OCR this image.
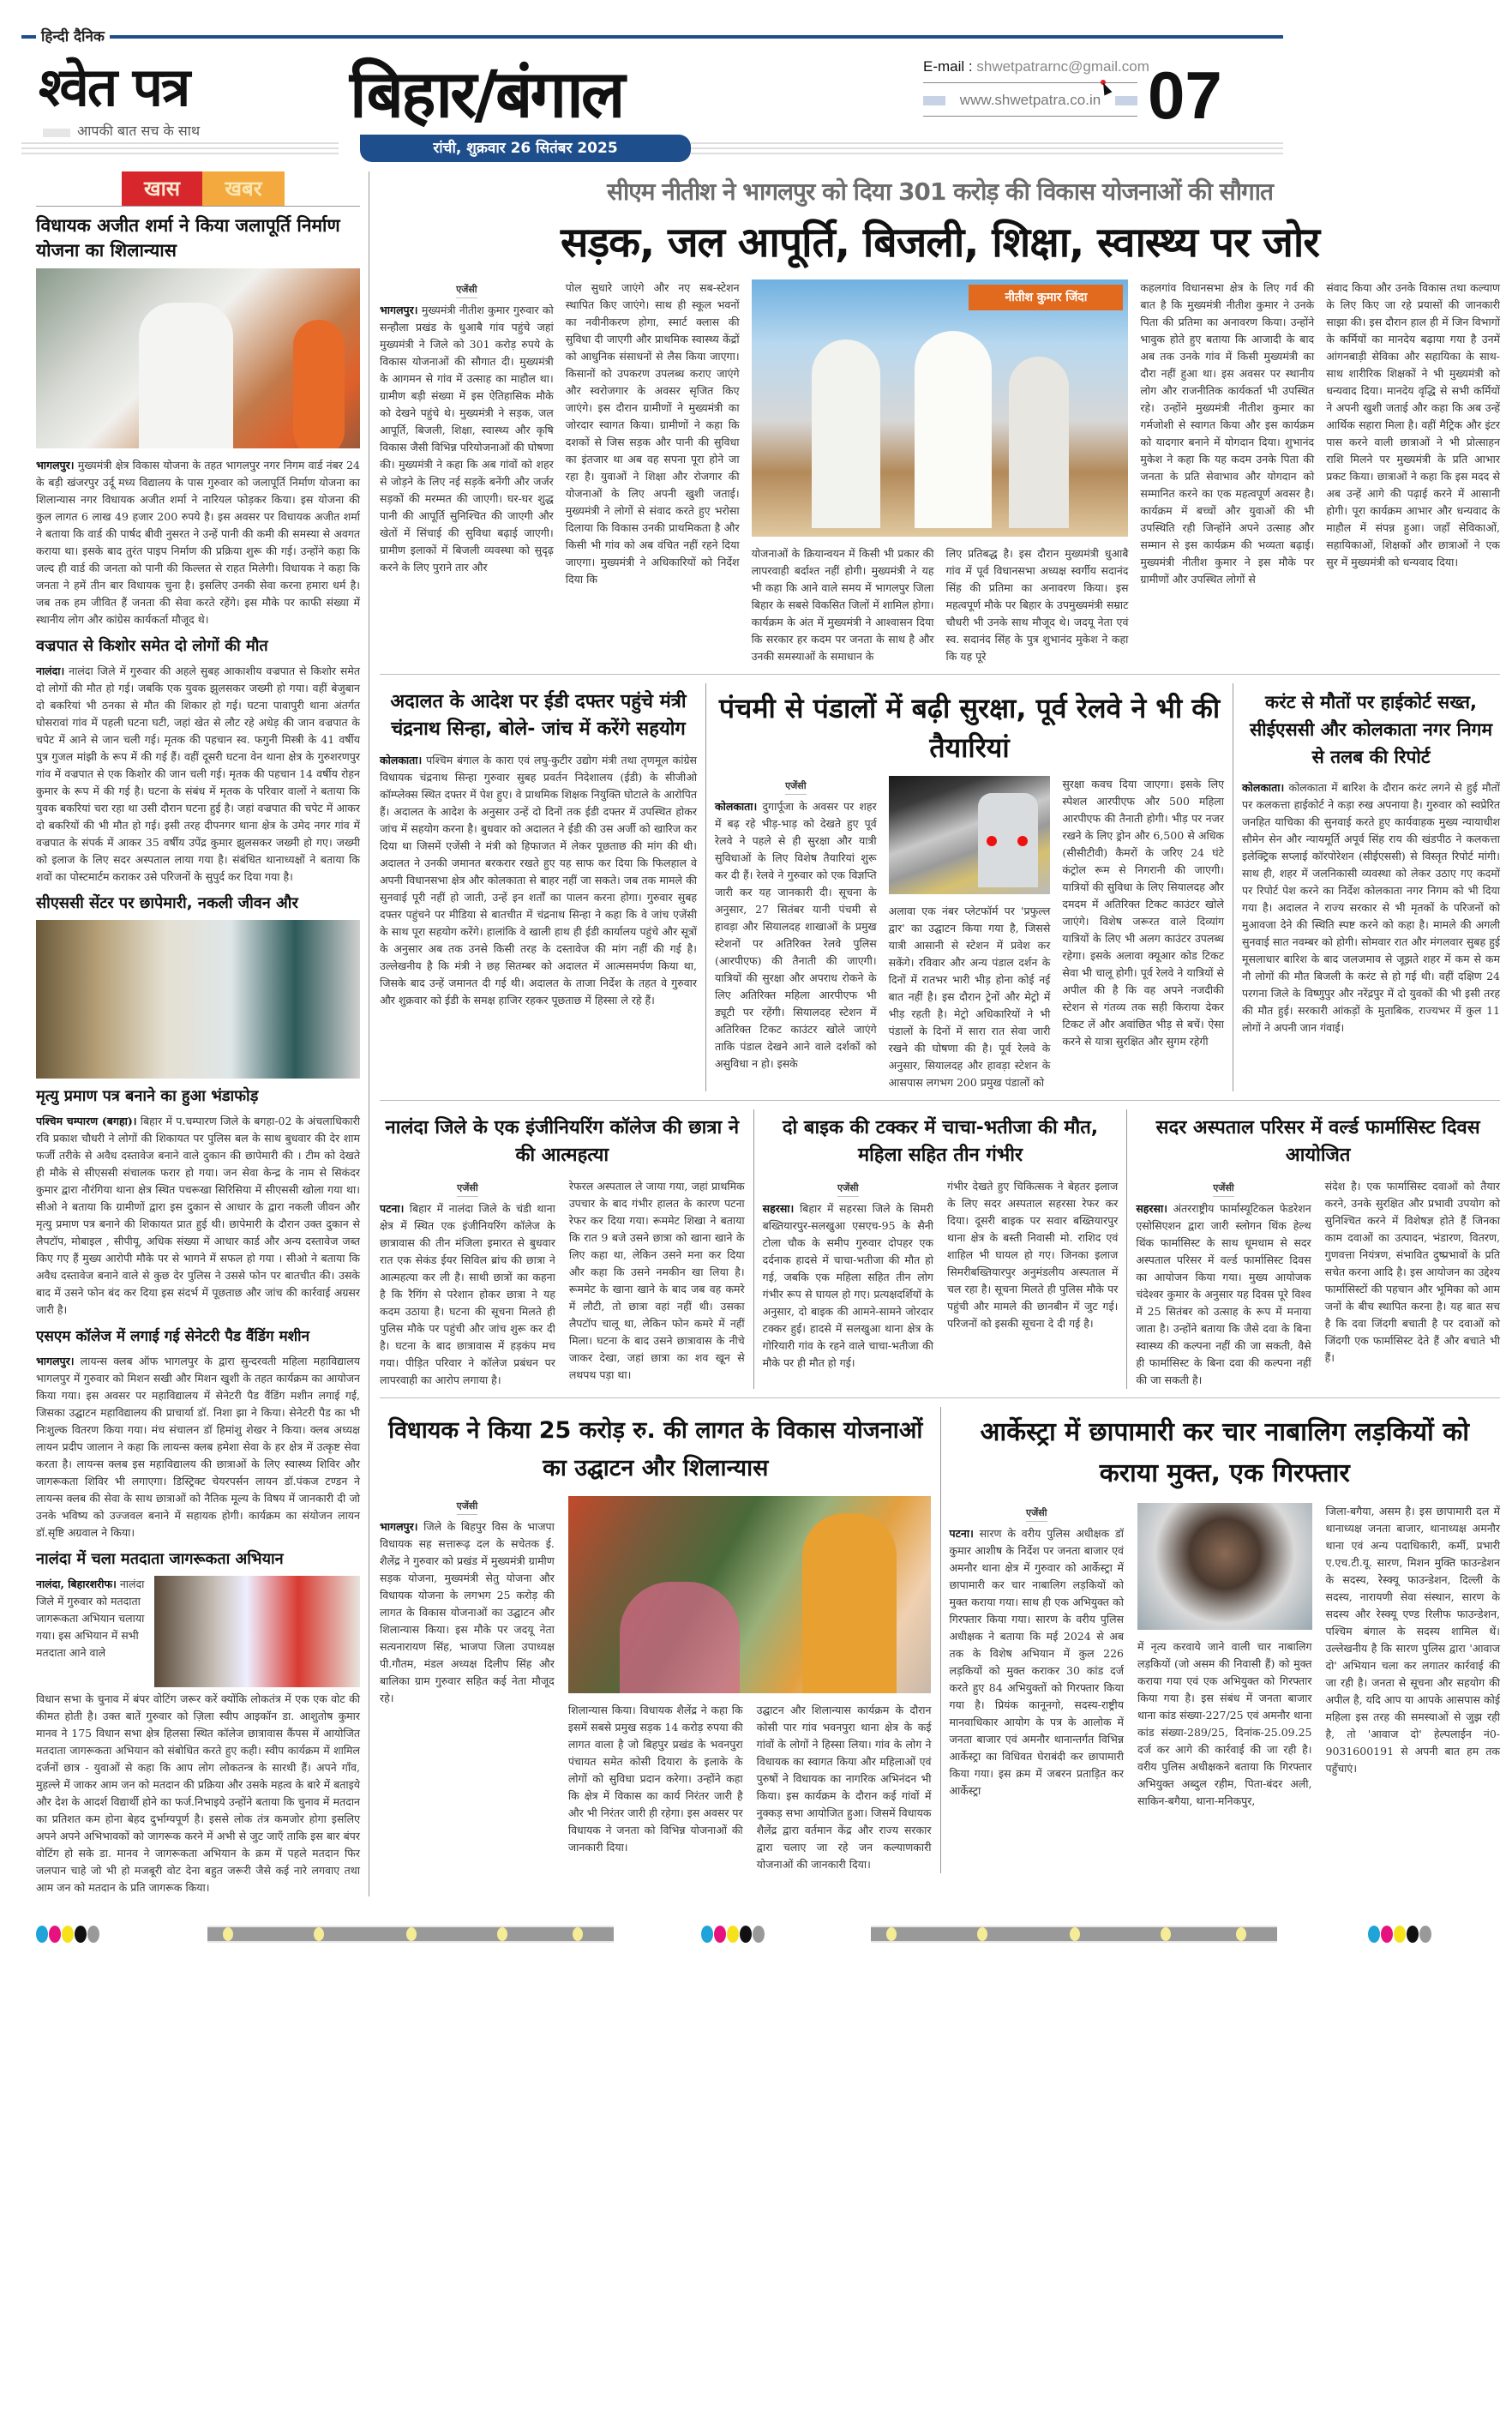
हिन्दी दैनिक
श्वेत पत्र
आपकी बात सच के साथ बिहार/बंगाल
रांची, शुक्रवार 26 सितंबर 2025
E-mail : shwetpatrarnc@gmail.com
www.shwetpatra.co.in 07
खास	खबर
विधायक अजीत शर्मा ने किया जलापूर्ति निर्माण योजना का शिलान्यास
भागलपुर। मुख्यमंत्री क्षेत्र विकास योजना के तहत भागलपुर नगर निगम वार्ड नंबर 24 के बड़ी खंजरपुर उर्दू मध्य विद्यालय के पास गुरुवार को जलापूर्ति निर्माण योजना का शिलान्यास नगर विधायक अजीत शर्मा ने नारियल फोड़कर किया। इस योजना की कुल लागत 6 लाख 49 हजार 200 रुपये है। इस अवसर पर विधायक अजीत शर्मा ने बताया कि वार्ड की पार्षद बीवी नुसरत ने उन्हें पानी की कमी की समस्या से अवगत कराया था। इसके बाद तुरंत पाइप निर्माण की प्रक्रिया शुरू की गई। उन्होंने कहा कि जल्द ही वार्ड की जनता को पानी की किल्लत से राहत मिलेगी। विधायक ने कहा कि जनता ने हमें तीन बार विधायक चुना है। इसलिए उनकी सेवा करना हमारा धर्म है। जब तक हम जीवित हैं जनता की सेवा करते रहेंगे। इस मौके पर काफी संख्या में स्थानीय लोग और कांग्रेस कार्यकर्ता मौजूद थे।
वज्रपात से किशोर समेत दो लोगों की मौत
नालंदा। नालंदा जिले में गुरुवार की अहले सुबह आकाशीय वज्रपात से किशोर समेत दो लोगों की मौत हो गई। जबकि एक युवक झुलसकर जख्मी हो गया। वहीं बेजुबान दो बकरियां भी ठनका से मौत की शिकार हो गई। घटना पावापुरी थाना अंतर्गत घोसरावां गांव में पहली घटना घटी, जहां खेत से लौट रहे अधेड़ की जान वज्रपात के चपेट में आने से जान चली गई। मृतक की पहचान स्व. फगुनी मिस्त्री के 41 वर्षीय पुत्र गुजल मांझी के रूप में की गई हैं। वहीं दूसरी घटना वेन थाना क्षेत्र के गुरुशरणपुर गांव में वज्रपात से एक किशोर की जान चली गई। मृतक की पहचान 14 वर्षीय रोहन कुमार के रूप में की गई है। घटना के संबंध में मृतक के परिवार वालों ने बताया कि युवक बकरियां चरा रहा था उसी दौरान घटना हुई है। जहां वज्रपात की चपेट में आकर दो बकरियों की भी मौत हो गई। इसी तरह दीपनगर थाना क्षेत्र के उमेद नगर गांव में वज्रपात के संपर्क में आकर 35 वर्षीय उपेंद्र कुमार झुलसकर जख्मी हो गए। जख्मी को इलाज के लिए सदर अस्पताल लाया गया है। संबंधित थानाध्यक्षों ने बताया कि शवों का पोस्टमार्टम कराकर उसे परिजनों के सुपुर्द कर दिया गया है।
सीएससी सेंटर पर छापेमारी, नकली जीवन और
मृत्यु प्रमाण पत्र बनाने का हुआ भंडाफोड़
पश्चिम चम्पारण (बगहा)। बिहार में प.चम्पारण जिले के बगहा-02 के अंचलाधिकारी रवि प्रकाश चौधरी ने लोगों की शिकायत पर पुलिस बल के साथ बुधवार की देर शाम फर्जी तरीके से अवैध दस्तावेज बनाने वाले दुकान की छापेमारी की । टीम को देखते ही मौके से सीएससी संचालक फरार हो गया। जन सेवा केन्द्र के नाम से सिकंदर कुमार द्वारा नौरंगिया थाना क्षेत्र स्थित पचरूखा सिरिसिया में सीएससी खोला गया था। सीओ ने बताया कि ग्रामीणों द्वारा इस दुकान से आधार के द्वारा नकली जीवन और मृत्यु प्रमाण पत्र बनाने की शिकायत प्रात हुई थी। छापेमारी के दौरान उक्त दुकान से लैपटॉप, मोबाइल , सीपीयू, अधिक संख्या में आधार कार्ड और अन्य दस्तावेज जब्त किए गए हैं मुख्य आरोपी मौके पर से भागने में सफल हो गया । सीओ ने बताया कि अवैध दस्तावेज बनाने वाले से कुछ देर पुलिस ने उससे फोन पर बातचीत की। उसके बाद में उसने फोन बंद कर दिया इस संदर्भ में पूछताछ और जांच की कार्रवाई अग्रसर जारी है।
एसएम कॉलेज में लगाई गई सेनेटरी पैड वैंडिंग मशीन
भागलपुर। लायन्स क्लब ऑफ भागलपुर के द्वारा सुन्दरवती महिला महाविद्यालय भागलपुर में गुरुवार को मिशन सखी और मिशन खुशी के तहत कार्यक्रम का आयोजन किया गया। इस अवसर पर महाविद्यालय में सेनेटरी पैड वैंडिंग मशीन लगाई गई, जिसका उद्घाटन महाविद्यालय की प्राचार्या डॉ. निशा झा ने किया। सेनेटरी पैड का भी निःशुल्क वितरण किया गया। मंच संचालन डॉ हिमांशु शेखर ने किया। क्लब अध्यक्ष लायन प्रदीप जालान ने कहा कि लायन्स क्लब हमेशा सेवा के हर क्षेत्र में उत्कृष्ट सेवा करता है। लायन्स क्लब इस महाविद्यालय की छात्राओं के लिए स्वास्थ्य शिविर और जागरूकता शिविर भी लगाएगा। डिस्ट्रिक्ट चेयरपर्सन लायन डॉ.पंकज टण्डन ने लायन्स क्लब की सेवा के साथ छात्राओं को नैतिक मूल्य के विषय में जानकारी दी जो उनके भविष्य को उज्जवल बनाने में सहायक होगी। कार्यक्रम का संयोजन लायन डॉ.सृष्टि अग्रवाल ने किया।
नालंदा में चला मतदाता जागरूकता अभियान
नालंदा, बिहारशरीफ। नालंदा जिले में गुरुवार को मतदाता जागरूकता अभियान चलाया गया। इस अभियान में सभी मतदाता आने वाले
विधान सभा के चुनाव में बंपर वोटिंग जरूर करें क्योंकि लोकतंत्र में एक एक वोट की कीमत होती है। उक्त बातें गुरुवार को ज़िला स्वीप आइकॉन डा. आशुतोष कुमार मानव ने 175 विधान सभा क्षेत्र हिलसा स्थित कॉलेज छात्रावास कैंपस में आयोजित मतदाता जागरूकता अभियान को संबोधित करते हुए कही। स्वीप कार्यक्रम में शामिल दर्जनों छात्र - युवाओं से कहा कि आप लोग लोकतन्त्र के सारथी हैं। अपने गाँव, मुहल्ले में जाकर आम जन को मतदान की प्रक्रिया और उसके महत्व के बारे में बताइये और देश के आदर्श विद्यार्थी होने का फर्ज.निभाइये उन्होंने बताया कि चुनाव में मतदान का प्रतिशत कम होना बेहद दुर्भाग्यपूर्ण है। इससे लोक तंत्र कमजोर होगा इसलिए अपने अपने अभिभावकों को जागरूक करने में अभी से जुट जाएँ ताकि इस बार बंपर वोटिंग हो सके डा. मानव ने जागरूकता अभियान के क्रम में पहले मतदान फिर जलपान चाहे जो भी हो मजबूरी वोट देना बहुत जरूरी जैसे कई नारे लगवाए तथा आम जन को मतदान के प्रति जागरूक किया।
सीएम नीतीश ने भागलपुर को दिया 301 करोड़ की विकास योजनाओं की सौगात
सड़क, जल आपूर्ति, बिजली, शिक्षा, स्वास्थ्य पर जोर
एजेंसी
भागलपुर। मुख्यमंत्री नीतीश कुमार गुरुवार को सन्हौला प्रखंड के धुआबै गांव पहुंचे जहां मुख्यमंत्री ने जिले को 301 करोड़ रुपये के विकास योजनाओं की सौगात दी। मुख्यमंत्री के आगमन से गांव में उत्साह का माहौल था। ग्रामीण बड़ी संख्या में इस ऐतिहासिक मौके को देखने पहुंचे थे। मुख्यमंत्री ने सड़क, जल आपूर्ति, बिजली, शिक्षा, स्वास्थ्य और कृषि विकास जैसी विभिन्न परियोजनाओं की घोषणा की। मुख्यमंत्री ने कहा कि अब गांवों को शहर से जोड़ने के लिए नई सड़कें बनेंगी और जर्जर सड़कों की मरम्मत की जाएगी। घर-घर शुद्ध पानी की आपूर्ति सुनिश्चित की जाएगी और खेतों में सिंचाई की सुविधा बढ़ाई जाएगी। ग्रामीण इलाकों में बिजली व्यवस्था को सुदृढ़ करने के लिए पुराने तार और
पोल सुधारे जाएंगे और नए सब-स्टेशन स्थापित किए जाएंगे। साथ ही स्कूल भवनों का नवीनीकरण होगा, स्मार्ट क्लास की सुविधा दी जाएगी और प्राथमिक स्वास्थ्य केंद्रों को आधुनिक संसाधनों से लैस किया जाएगा। किसानों को उपकरण उपलब्ध कराए जाएंगे और स्वरोजगार के अवसर सृजित किए जाएंगे। इस दौरान ग्रामीणों ने मुख्यमंत्री का जोरदार स्वागत किया। ग्रामीणों ने कहा कि दशकों से जिस सड़क और पानी की सुविधा का इंतजार था अब वह सपना पूरा होने जा रहा है। युवाओं ने शिक्षा और रोजगार की योजनाओं के लिए अपनी खुशी जताई। मुख्यमंत्री ने लोगों से संवाद करते हुए भरोसा दिलाया कि विकास उनकी प्राथमिकता है और किसी भी गांव को अब वंचित नहीं रहने दिया जाएगा। मुख्यमंत्री ने अधिकारियों को निर्देश दिया कि
नीतीश कुमार जिंदा
योजनाओं के क्रियान्वयन में किसी भी प्रकार की लापरवाही बर्दाश्त नहीं होगी। मुख्यमंत्री ने यह भी कहा कि आने वाले समय में भागलपुर जिला बिहार के सबसे विकसित जिलों में शामिल होगा। कार्यक्रम के अंत में मुख्यमंत्री ने आश्वासन दिया कि सरकार हर कदम पर जनता के साथ है और उनकी समस्याओं के समाधान के
लिए प्रतिबद्ध है। इस दौरान मुख्यमंत्री धुआबै गांव में पूर्व विधानसभा अध्यक्ष स्वर्गीय सदानंद सिंह की प्रतिमा का अनावरण किया। इस महत्वपूर्ण मौके पर बिहार के उपमुख्यमंत्री सम्राट चौधरी भी उनके साथ मौजूद थे। जदयू नेता एवं स्व. सदानंद सिंह के पुत्र शुभानंद मुकेश ने कहा कि यह पूरे
कहलगांव विधानसभा क्षेत्र के लिए गर्व की बात है कि मुख्यमंत्री नीतीश कुमार ने उनके पिता की प्रतिमा का अनावरण किया। उन्होंने भावुक होते हुए बताया कि आजादी के बाद अब तक उनके गांव में किसी मुख्यमंत्री का दौरा नहीं हुआ था। इस अवसर पर स्थानीय लोग और राजनीतिक कार्यकर्ता भी उपस्थित रहे। उन्होंने मुख्यमंत्री नीतीश कुमार का गर्मजोशी से स्वागत किया और इस कार्यक्रम को यादगार बनाने में योगदान दिया। शुभानंद मुकेश ने कहा कि यह कदम उनके पिता की जनता के प्रति सेवाभाव और योगदान को सम्मानित करने का एक महत्वपूर्ण अवसर है। कार्यक्रम में बच्चों और युवाओं की भी उपस्थिति रही जिन्होंने अपने उत्साह और सम्मान से इस कार्यक्रम की भव्यता बढ़ाई। मुख्यमंत्री नीतीश कुमार ने इस मौके पर ग्रामीणों और उपस्थित लोगों से
संवाद किया और उनके विकास तथा कल्याण के लिए किए जा रहे प्रयासों की जानकारी साझा की। इस दौरान हाल ही में जिन विभागों के कर्मियों का मानदेय बढ़ाया गया है उनमें आंगनबाड़ी सेविका और सहायिका के साथ-साथ शारीरिक शिक्षकों ने भी मुख्यमंत्री को धन्यवाद दिया। मानदेय वृद्धि से सभी कर्मियों ने अपनी खुशी जताई और कहा कि अब उन्हें आर्थिक सहारा मिला है। वहीं मैट्रिक और इंटर पास करने वाली छात्राओं ने भी प्रोत्साहन राशि मिलने पर मुख्यमंत्री के प्रति आभार प्रकट किया। छात्राओं ने कहा कि इस मदद से अब उन्हें आगे की पढ़ाई करने में आसानी होगी। पूरा कार्यक्रम आभार और धन्यवाद के माहौल में संपन्न हुआ। जहाँ सेविकाओं, सहायिकाओं, शिक्षकों और छात्राओं ने एक सुर में मुख्यमंत्री को धन्यवाद दिया।
अदालत के आदेश पर ईडी दफ्तर पहुंचे मंत्री चंद्रनाथ सिन्हा, बोले- जांच में करेंगे सहयोग
कोलकाता। पश्चिम बंगाल के कारा एवं लघु-कुटीर उद्योग मंत्री तथा तृणमूल कांग्रेस विधायक चंद्रनाथ सिन्हा गुरुवार सुबह प्रवर्तन निदेशालय (ईडी) के सीजीओ कॉम्प्लेक्स स्थित दफ्तर में पेश हुए। वे प्राथमिक शिक्षक नियुक्ति घोटाले के आरोपित हैं। अदालत के आदेश के अनुसार उन्हें दो दिनों तक ईडी दफ्तर में उपस्थित होकर जांच में सहयोग करना है। बुधवार को अदालत ने ईडी की उस अर्जी को खारिज कर दिया था जिसमें एजेंसी ने मंत्री को हिफाजत में लेकर पूछताछ की मांग की थी। अदालत ने उनकी जमानत बरकरार रखते हुए यह साफ कर दिया कि फिलहाल वे अपनी विधानसभा क्षेत्र और कोलकाता से बाहर नहीं जा सकते। जब तक मामले की सुनवाई पूरी नहीं हो जाती, उन्हें इन शर्तों का पालन करना होगा। गुरुवार सुबह दफ्तर पहुंचने पर मीडिया से बातचीत में चंद्रनाथ सिन्हा ने कहा कि वे जांच एजेंसी के साथ पूरा सहयोग करेंगे। हालांकि वे खाली हाथ ही ईडी कार्यालय पहुंचे और सूत्रों के अनुसार अब तक उनसे किसी तरह के दस्तावेज की मांग नहीं की गई है। उल्लेखनीय है कि मंत्री ने छह सितम्बर को अदालत में आत्मसमर्पण किया था, जिसके बाद उन्हें जमानत दी गई थी। अदालत के ताजा निर्देश के तहत वे गुरुवार और शुक्रवार को ईडी के समक्ष हाजिर रहकर पूछताछ में हिस्सा ले रहे हैं।
पंचमी से पंडालों में बढ़ी सुरक्षा, पूर्व रेलवे ने भी की तैयारियां
एजेंसी
कोलकाता। दुगार्पूजा के अवसर पर शहर में बढ़ रहे भीड़-भाड़ को देखते हुए पूर्व रेलवे ने पहले से ही सुरक्षा और यात्री सुविधाओं के लिए विशेष तैयारियां शुरू कर दी हैं। रेलवे ने गुरुवार को एक विज्ञप्ति जारी कर यह जानकारी दी। सूचना के अनुसार, 27 सितंबर यानी पंचमी से हावड़ा और सियालदह शाखाओं के प्रमुख स्टेशनों पर अतिरिक्त रेलवे पुलिस (आरपीएफ) की तैनाती की जाएगी। यात्रियों की सुरक्षा और अपराध रोकने के लिए अतिरिक्त महिला आरपीएफ भी ड्यूटी पर रहेंगी। सियालदह स्टेशन में अतिरिक्त टिकट काउंटर खोले जाएंगे ताकि पंडाल देखने आने वाले दर्शकों को असुविधा न हो। इसके
अलावा एक नंबर प्लेटफॉर्म पर 'प्रफुल्ल द्वार' का उद्घाटन किया गया है, जिससे यात्री आसानी से स्टेशन में प्रवेश कर सकेंगे। रविवार और अन्य पंडाल दर्शन के दिनों में रातभर भारी भीड़ होना कोई नई बात नहीं है। इस दौरान ट्रेनों और मेट्रो में भीड़ रहती है। मेट्रो अधिकारियों ने भी पंडालों के दिनों में सारा रात सेवा जारी रखने की घोषणा की है। पूर्व रेलवे के अनुसार, सियालदह और हावड़ा स्टेशन के आसपास लगभग 200 प्रमुख पंडालों को
सुरक्षा कवच दिया जाएगा। इसके लिए स्पेशल आरपीएफ और 500 महिला आरपीएफ की तैनाती होगी। भीड़ पर नजर रखने के लिए ड्रोन और 6,500 से अधिक (सीसीटीवी) कैमरों के जरिए 24 घंटे कंट्रोल रूम से निगरानी की जाएगी। यात्रियों की सुविधा के लिए सियालदह और दमदम में अतिरिक्त टिकट काउंटर खोले जाएंगे। विशेष जरूरत वाले दिव्यांग यात्रियों के लिए भी अलग काउंटर उपलब्ध रहेगा। इसके अलावा क्यूआर कोड टिकट सेवा भी चालू होगी। पूर्व रेलवे ने यात्रियों से अपील की है कि वह अपने नजदीकी स्टेशन से गंतव्य तक सही किराया देकर टिकट लें और अवांछित भीड़ से बचें। ऐसा करने से यात्रा सुरक्षित और सुगम रहेगी
करंट से मौतों पर हाईकोर्ट सख्त, सीईएससी और कोलकाता नगर निगम से तलब की रिपोर्ट
कोलकाता। कोलकाता में बारिश के दौरान करंट लगने से हुई मौतों पर कलकत्ता हाईकोर्ट ने कड़ा रुख अपनाया है। गुरुवार को स्वप्रेरित जनहित याचिका की सुनवाई करते हुए कार्यवाहक मुख्य न्यायाधीश सौमेन सेन और न्यायमूर्ति अपूर्व सिंह राय की खंडपीठ ने कलकत्ता इलेक्ट्रिक सप्लाई कॉरपोरेशन (सीईएससी) से विस्तृत रिपोर्ट मांगी। साथ ही, शहर में जलनिकासी व्यवस्था को लेकर उठाए गए कदमों पर रिपोर्ट पेश करने का निर्देश कोलकाता नगर निगम को भी दिया गया है। अदालत ने राज्य सरकार से भी मृतकों के परिजनों को मुआवजा देने की स्थिति स्पष्ट करने को कहा है। मामले की अगली सुनवाई सात नवम्बर को होगी। सोमवार रात और मंगलवार सुबह हुई मूसलाधार बारिश के बाद जलजमाव से जूझते शहर में कम से कम नौ लोगों की मौत बिजली के करंट से हो गई थी। वहीं दक्षिण 24 परगना जिले के विष्णुपुर और नरेंद्रपुर में दो युवकों की भी इसी तरह की मौत हुई। सरकारी आंकड़ों के मुताबिक, राज्यभर में कुल 11 लोगों ने अपनी जान गंवाई।
नालंदा जिले के एक इंजीनियरिंग कॉलेज की छात्रा ने की आत्महत्या
एजेंसी
पटना। बिहार में नालंदा जिले के चंडी थाना क्षेत्र में स्थित एक इंजीनियरिंग कॉलेज के छात्रावास की तीन मंजिला इमारत से बुधवार रात एक सेकंड ईयर सिविल ब्रांच की छात्रा ने आत्महत्या कर ली है। साथी छात्रों का कहना है कि रैगिंग से परेशान होकर छात्रा ने यह कदम उठाया है। घटना की सूचना मिलते ही पुलिस मौके पर पहुंची और जांच शुरू कर दी है। घटना के बाद छात्रावास में हड़कंप मच गया। पीड़ित परिवार ने कॉलेज प्रबंधन पर लापरवाही का आरोप लगाया है।
रेफरल अस्पताल ले जाया गया, जहां प्राथमिक उपचार के बाद गंभीर हालत के कारण पटना रेफर कर दिया गया। रूममेट शिखा ने बताया कि रात 9 बजे उसने छात्रा को खाना खाने के लिए कहा था, लेकिन उसने मना कर दिया और कहा कि उसने नमकीन खा लिया है। रूममेट के खाना खाने के बाद जब वह कमरे में लौटी, तो छात्रा वहां नहीं थी। उसका लैपटॉप चालू था, लेकिन फोन कमरे में नहीं मिला। घटना के बाद उसने छात्रावास के नीचे जाकर देखा, जहां छात्रा का शव खून से लथपथ पड़ा था।
दो बाइक की टक्कर में चाचा-भतीजा की मौत, महिला सहित तीन गंभीर
एजेंसी
सहरसा। बिहार में सहरसा जिले के सिमरी बख्तियारपुर-सलखुआ एसएच-95 के सैनी टोला चौक के समीप गुरुवार दोपहर एक दर्दनाक हादसे में चाचा-भतीजा की मौत हो गई, जबकि एक महिला सहित तीन लोग गंभीर रूप से घायल हो गए। प्रत्यक्षदर्शियों के अनुसार, दो बाइक की आमने-सामने जोरदार टक्कर हुई। हादसे में सलखुआ थाना क्षेत्र के गोरियारी गांव के रहने वाले चाचा-भतीजा की मौके पर ही मौत हो गई।
गंभीर देखते हुए चिकित्सक ने बेहतर इलाज के लिए सदर अस्पताल सहरसा रेफर कर दिया। दूसरी बाइक पर सवार बख्तियारपुर थाना क्षेत्र के बस्ती निवासी मो. राशिद एवं शाहिल भी घायल हो गए। जिनका इलाज सिमरीबख्तियारपुर अनुमंडलीय अस्पताल में चल रहा है। सूचना मिलते ही पुलिस मौके पर पहुंची और मामले की छानबीन में जुट गई। परिजनों को इसकी सूचना दे दी गई है।
सदर अस्पताल परिसर में वर्ल्ड फार्मासिस्ट दिवस आयोजित
एजेंसी
सहरसा। अंतरराष्ट्रीय फार्मास्यूटिकल फेडरेशन एसोसिएशन द्वारा जारी स्लोगन थिंक हेल्थ थिंक फार्मासिस्ट के साथ धूमधाम से सदर अस्पताल परिसर में वर्ल्ड फार्मासिस्ट दिवस का आयोजन किया गया। मुख्य आयोजक चंदेश्वर कुमार के अनुसार यह दिवस पूरे विश्व में 25 सितंबर को उत्साह के रूप में मनाया जाता है। उन्होंने बताया कि जैसे दवा के बिना स्वास्थ्य की कल्पना नहीं की जा सकती, वैसे ही फार्मासिस्ट के बिना दवा की कल्पना नहीं की जा सकती है।
संदेश है। एक फार्मासिस्ट दवाओं को तैयार करने, उनके सुरक्षित और प्रभावी उपयोग को सुनिश्चित करने में विशेषज्ञ होते हैं जिनका काम दवाओं का उत्पादन, भंडारण, वितरण, गुणवत्ता नियंत्रण, संभावित दुष्प्रभावों के प्रति सचेत करना आदि है। इस आयोजन का उद्देश्य फार्मासिस्टों की पहचान और भूमिका को आम जनों के बीच स्थापित करना है। यह बात सच है कि दवा जिंदगी बचाती है पर दवाओं को जिंदगी एक फार्मासिस्ट देते हैं और बचाते भी हैं।
विधायक ने किया 25 करोड़ रु. की लागत के विकास योजनाओं का उद्घाटन और शिलान्यास
एजेंसी
भागलपुर। जिले के बिहपुर विस के भाजपा विधायक सह सत्तारूढ़ दल के सचेतक ई. शैलेंद्र ने गुरुवार को प्रखंड में मुख्यमंत्री ग्रामीण सड़क योजना, मुख्यमंत्री सेतु योजना और विधायक योजना के लगभग 25 करोड़ की लागत के विकास योजनाओं का उद्घाटन और शिलान्यास किया। इस मौके पर जदयू नेता सत्यनारायण सिंह, भाजपा जिला उपाध्यक्ष पी.गौतम, मंडल अध्यक्ष दिलीप सिंह और बालिका ग्राम गुरुवार सहित कई नेता मौजूद रहे।
शिलान्यास किया। विधायक शैलेंद्र ने कहा कि इसमें सबसे प्रमुख सड़क 14 करोड़ रुपया की लागत वाला है जो बिहपुर प्रखंड के भवनपुरा पंचायत समेत कोसी दियारा के इलाके के लोगों को सुविधा प्रदान करेगा। उन्होंने कहा कि क्षेत्र में विकास का कार्य निरंतर जारी है और भी निरंतर जारी ही रहेगा। इस अवसर पर विधायक ने जनता को विभिन्न योजनाओं की जानकारी दिया।
उद्घाटन और शिलान्यास कार्यक्रम के दौरान कोसी पार गांव भवनपुरा थाना क्षेत्र के कई गांवों के लोगों ने हिस्सा लिया। गांव के लोग ने विधायक का स्वागत किया और महिलाओं एवं पुरुषों ने विधायक का नागरिक अभिनंदन भी किया। इस कार्यक्रम के दौरान कई गांवों में नुक्कड़ सभा आयोजित हुआ। जिसमें विधायक शैलेंद्र द्वारा वर्तमान केंद्र और राज्य सरकार द्वारा चलाए जा रहे जन कल्याणकारी योजनाओं की जानकारी दिया।
आर्केस्ट्रा में छापामारी कर चार नाबालिग लड़कियों को कराया मुक्त, एक गिरफ्तार
एजेंसी
पटना। सारण के वरीय पुलिस अधीक्षक डॉ कुमार आशीष के निर्देश पर जनता बाजार एवं अमनौर थाना क्षेत्र में गुरुवार को आर्केस्ट्रा में छापामारी कर चार नाबालिग लड़कियों को मुक्त कराया गया। साथ ही एक अभियुक्त को गिरफ्तार किया गया। सारण के वरीय पुलिस अधीक्षक ने बताया कि मई 2024 से अब तक के विशेष अभियान में कुल 226 लड़कियों को मुक्त कराकर 30 कांड दर्ज करते हुए 84 अभियुक्तों को गिरफ्तार किया गया है। प्रियंक कानूनगो, सदस्य-राष्ट्रीय मानवाधिकार आयोग के पत्र के आलोक में जनता बाजार एवं अमनौर थानान्तर्गत विभिन्न आर्केस्ट्रा का विधिवत घेराबंदी कर छापामारी किया गया। इस क्रम में जबरन प्रताड़ित कर आर्केस्ट्रा
में नृत्य करवाये जाने वाली चार नाबालिग लड़कियों (जो असम की निवासी हैं) को मुक्त कराया गया एवं एक अभियुक्त को गिरफ्तार किया गया है। इस संबंध में जनता बाजार थाना कांड संख्या-227/25 एवं अमनौर थाना कांड संख्या-289/25, दिनांक-25.09.25 दर्ज कर आगे की कार्रवाई की जा रही है। वरीय पुलिस अधीक्षकने बताया कि गिरफ्तार अभियुक्त अब्दुल रहीम, पिता-बंदर अली, साकिन-बगैया, थाना-मनिकपुर,
जिला-बगैया, असम है। इस छापामारी दल में थानाध्यक्ष जनता बाजार, थानाध्यक्ष अमनौर थाना एवं अन्य पदाधिकारी, कर्मी, प्रभारी ए.एच.टी.यू. सारण, मिशन मुक्ति फाउन्डेशन के सदस्य, रेस्क्यू फाउन्डेशन, दिल्ली के सदस्य, नारायणी सेवा संस्थान, सारण के सदस्य और रेस्क्यू एण्ड रिलीफ फाउन्डेशन, पश्चिम बंगाल के सदस्य शामिल थें। उल्लेखनीय है कि सारण पुलिस द्वारा 'आवाज दो' अभियान चला कर लगातर कार्रवाई की जा रही है। जनता से सूचना और सहयोग की अपील है, यदि आप या आपके आसपास कोई महिला इस तरह की समस्याओं से जुझ रही है, तो 'आवाज दो' हेल्पलाईन नं0-9031600191 से अपनी बात हम तक पहुँचाएं।
